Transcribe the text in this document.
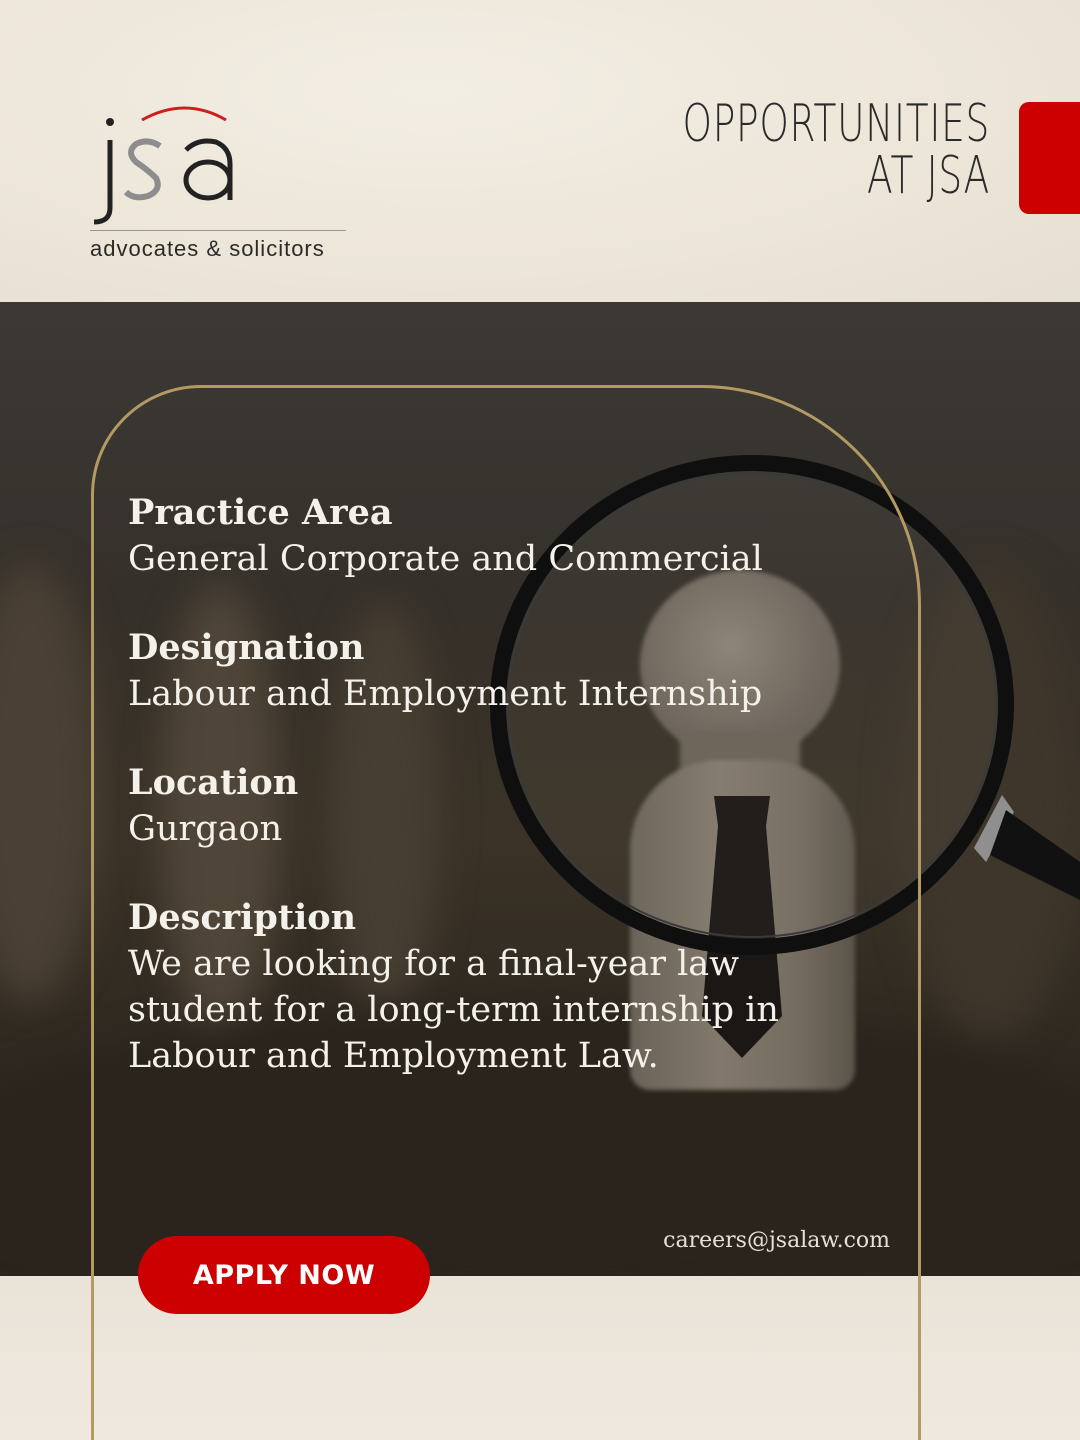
advocates & solicitors
OPPORTUNITIES
AT JSA
Practice Area
General Corporate and Commercial
Designation
Labour and Employment Internship
Location
Gurgaon
Description
We are looking for a final-year law
student for a long-term internship in
Labour and Employment Law.
careers@jsalaw.com
APPLY NOW
